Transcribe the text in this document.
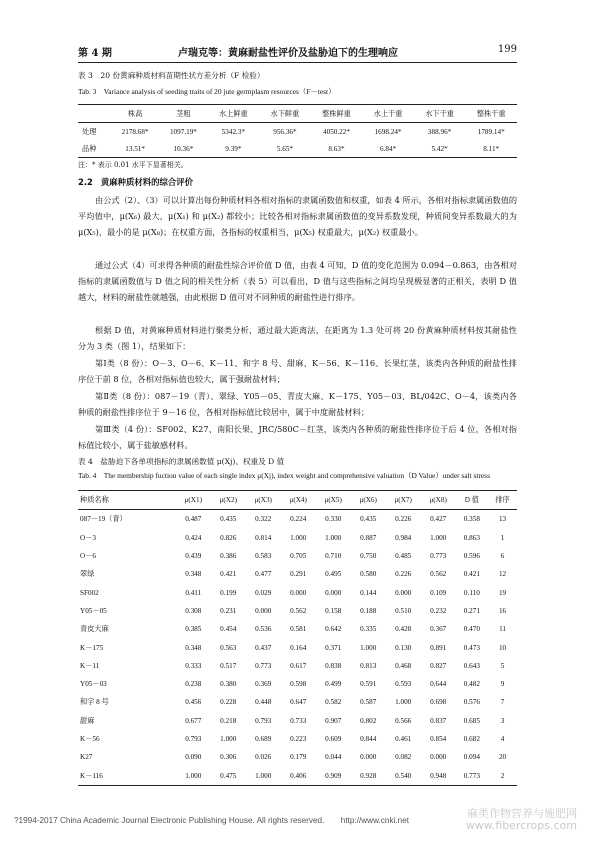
第 4 期	卢瑞克等：黄麻耐盐性评价及盐胁迫下的生理响应	199
表 3　20 份黄麻种质材料苗期性状方差分析（F 检验）
Tab. 3　Variance analysis of seeding traits of 20 jute germplasm resources（F－test）
	株高	茎粗	水上鲜重	水下鲜重	整株鲜重	水上干重	水下干重	整株干重
处理	2178.68*	1097.19*	5342.3*	956.36*	4050.22*	1698.24*	388.96*	1789.14*
品种	13.51*	10.36*	9.39*	5.65*	8.63*	6.84*	5.42*	8.11*
注：* 表示 0.01 水平下显著相关。
2.2 黄麻种质材料的综合评价

由公式（2）、（3）可以计算出每份种质材料各相对指标的隶属函数值和权重，如表 4 所示，各相对指标隶属函数值的平均值中，μ(X₆) 最大，μ(X₁) 和 μ(X₂) 都较小；比较各相对指标隶属函数值的变异系数发现，种质间变异系数最大的为 μ(X₅)，最小的是 μ(X₈)；在权重方面，各指标的权重相当，μ(X₅) 权重最大，μ(X₂) 权重最小。

通过公式（4）可求得各种质的耐盐性综合评价值 D 值，由表 4 可知，D 值的变化范围为 0.094－0.863，由各相对指标的隶属函数值与 D 值之间的相关性分析（表 5）可以看出，D 值与这些指标之间均呈现极显著的正相关，表明 D 值越大，材料的耐盐性就越强，由此根据 D 值可对不同种质的耐盐性进行排序。

根据 D 值，对黄麻种质材料进行聚类分析，通过最大距离法，在距离为 1.3 处可将 20 份黄麻种质材料按其耐盐性分为 3 类（图 1），结果如下：

第Ⅰ类（8 份）：O－3、O－6、K－11、和字 8 号、甜麻、K－56、K－116、长果红茎，该类内各种质的耐盐性排序位于前 8 位，各相对指标值也较大，属于强耐盐材料；

第Ⅱ类（8 份）：087－19（青）、翠绿、Y05－05、青皮大麻、K－175、Y05－03、BL/042C、O－4，该类内各种质的耐盐性排序位于 9－16 位，各相对指标值比较居中，属于中度耐盐材料；

第Ⅲ类（4 份）：SF002、K27、南阳长果、JRC/580C－红茎，该类内各种质的耐盐性排序位于后 4 位，各相对指标值比较小，属于盐敏感材料。

表 4　盐胁迫下各单项指标的隶属函数值 μ(Xj)、权重及 D 值
Tab. 4　The membership fuction value of each single index μ(Xj), index weight and comprehensive valuation（D Value）under salt stress
种质名称	μ(X1)	μ(X2)	μ(X3)	μ(X4)	μ(X5)	μ(X6)	μ(X7)	μ(X8)	D 值	排序
087－19（青）	0.487	0.435	0.322	0.224	0.330	0.435	0.226	0.427	0.358	13
O－3	0.424	0.826	0.814	1.000	1.000	0.887	0.984	1.000	0.863	1
O－6	0.439	0.386	0.583	0.705	0.710	0.750	0.485	0.773	0.596	6
翠绿	0.348	0.421	0.477	0.291	0.495	0.580	0.226	0.562	0.421	12
SF002	0.411	0.199	0.029	0.000	0.000	0.144	0.000	0.109	0.110	19
Y05－05	0.308	0.231	0.000	0.562	0.158	0.188	0.510	0.232	0.271	16
青皮大麻	0.385	0.454	0.536	0.581	0.642	0.335	0.428	0.367	0.470	11
K－175	0.348	0.563	0.437	0.164	0.371	1.000	0.130	0.891	0.473	10
K－11	0.333	0.517	0.773	0.617	0.838	0.813	0.468	0.827	0.643	5
Y05－03	0.238	0.380	0.369	0.598	0.499	0.591	0.593	0.644	0.482	9
和字 8 号	0.456	0.228	0.448	0.647	0.582	0.587	1.000	0.698	0.576	7
甜麻	0.677	0.218	0.793	0.733	0.907	0.802	0.566	0.837	0.685	3
K－56	0.793	1.000	0.689	0.223	0.609	0.844	0.461	0.854	0.682	4
K27	0.090	0.306	0.026	0.179	0.044	0.000	0.082	0.000	0.094	20
K－116	1.000	0.475	1.000	0.406	0.909	0.928	0.540	0.948	0.773	2
?1994-2017 China Academic Journal Electronic Publishing House. All rights reserved.　　http://www.cnki.net
麻类作物营养与施肥网
www.fibercrops.com
